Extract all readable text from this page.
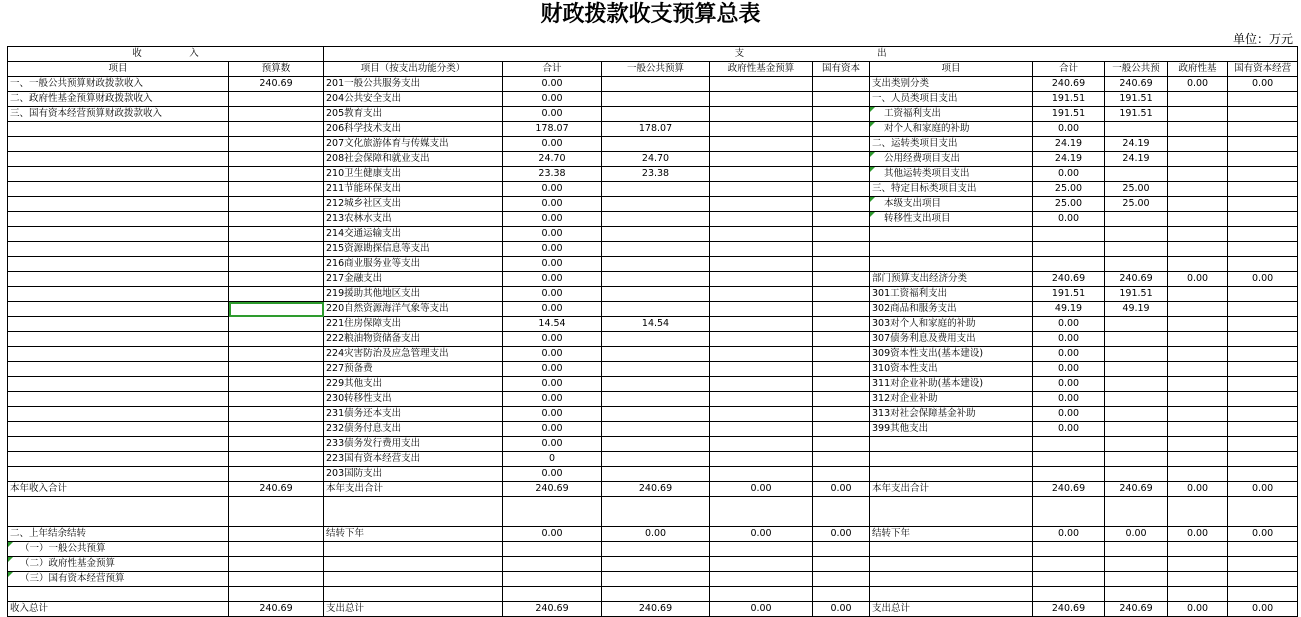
财政拨款收支预算总表
单位：万元
收　　　　　入		支　　　　　　　　　　　　　　出									
项目	预算数	项目（按支出功能分类）	合计	一般公共预算	政府性基金预算	国有资本	项目	合计	一般公共预	政府性基	国有资本经营
一、一般公共预算财政拨款收入	240.69	201一般公共服务支出	0.00				支出类别分类	240.69	240.69	0.00	0.00
二、政府性基金预算财政拨款收入		204公共安全支出	0.00				一、人员类项目支出	191.51	191.51		
三、国有资本经营预算财政拨款收入		205教育支出	0.00				工资福利支出	191.51	191.51		
		206科学技术支出	178.07	178.07			对个人和家庭的补助	0.00			
		207文化旅游体育与传媒支出	0.00				二、运转类项目支出	24.19	24.19		
		208社会保障和就业支出	24.70	24.70			公用经费项目支出	24.19	24.19		
		210卫生健康支出	23.38	23.38			其他运转类项目支出	0.00			
		211节能环保支出	0.00				三、特定目标类项目支出	25.00	25.00		
		212城乡社区支出	0.00				本级支出项目	25.00	25.00		
		213农林水支出	0.00				转移性支出项目	0.00			
		214交通运输支出	0.00								
		215资源勘探信息等支出	0.00								
		216商业服务业等支出	0.00								
		217金融支出	0.00				部门预算支出经济分类	240.69	240.69	0.00	0.00
		219援助其他地区支出	0.00				301工资福利支出	191.51	191.51		
		220自然资源海洋气象等支出	0.00				302商品和服务支出	49.19	49.19		
		221住房保障支出	14.54	14.54			303对个人和家庭的补助	0.00			
		222粮油物资储备支出	0.00				307债务利息及费用支出	0.00			
		224灾害防治及应急管理支出	0.00				309资本性支出(基本建设)	0.00			
		227预备费	0.00				310资本性支出	0.00			
		229其他支出	0.00				311对企业补助(基本建设)	0.00			
		230转移性支出	0.00				312对企业补助	0.00			
		231债务还本支出	0.00				313对社会保障基金补助	0.00			
		232债务付息支出	0.00				399其他支出	0.00			
		233债务发行费用支出	0.00								
		223国有资本经营支出	0								
		203国防支出	0.00								
本年收入合计	240.69	本年支出合计	240.69	240.69	0.00	0.00	本年支出合计	240.69	240.69	0.00	0.00

二、上年结余结转		结转下年	0.00	0.00	0.00	0.00	结转下年	0.00	0.00	0.00	0.00
（一）一般公共预算											
（二）政府性基金预算											
（三）国有资本经营预算											

收入总计	240.69	支出总计	240.69	240.69	0.00	0.00	支出总计	240.69	240.69	0.00	0.00
